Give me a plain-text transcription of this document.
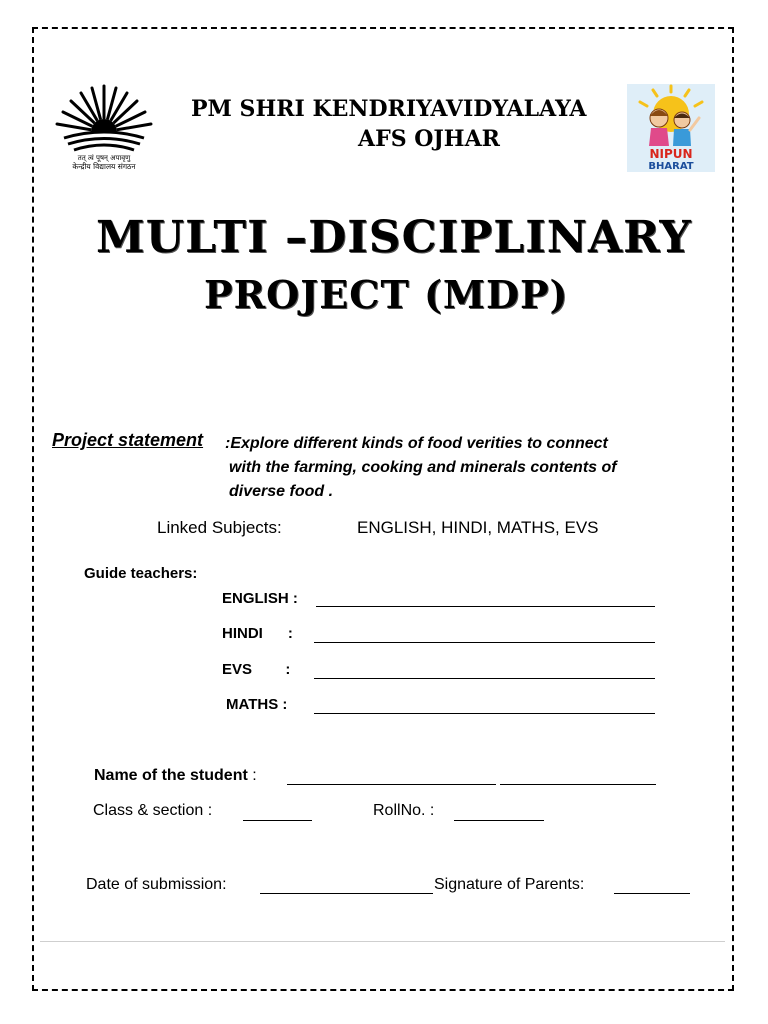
तत् त्वं पूषन् अपावृणु
केन्द्रीय विद्यालय संगठन
PM SHRI KENDRIYAVIDYALAYA
AFS OJHAR
NIPUN
BHARAT
MULTI –DISCIPLINARY
PROJECT (MDP)
Project statement :Explore different kinds of food verities to connect
with the farming, cooking and minerals contents of
diverse food .
Linked Subjects:	ENGLISH, HINDI, MATHS, EVS
Guide teachers:
ENGLISH :
HINDI      :
EVS        :
MATHS :
Name of the student :
Class & section :	RollNo. :
Date of submission:	Signature of Parents:
